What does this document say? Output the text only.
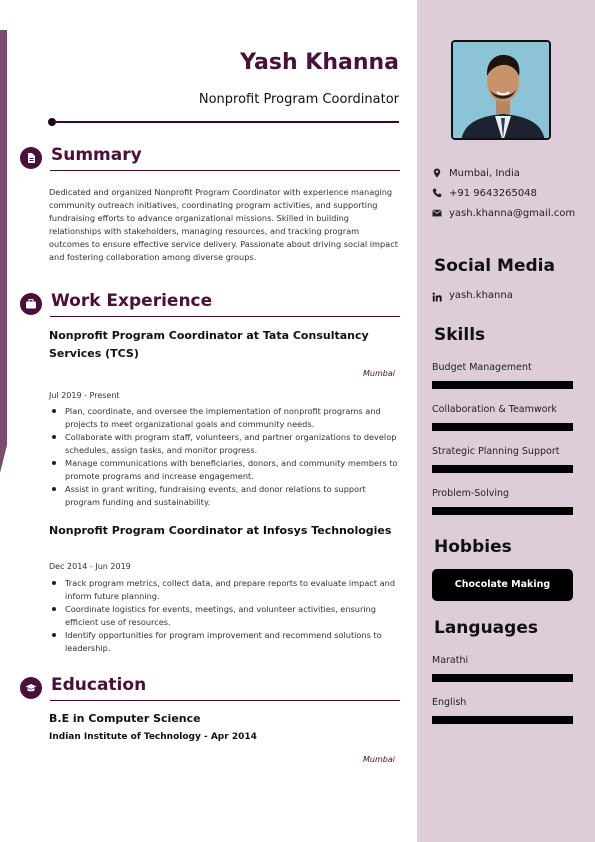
Yash Khanna
Nonprofit Program Coordinator
Summary
Dedicated and organized Nonprofit Program Coordinator with experience managing community outreach initiatives, coordinating program activities, and supporting fundraising efforts to advance organizational missions. Skilled in building relationships with stakeholders, managing resources, and tracking program outcomes to ensure effective service delivery. Passionate about driving social impact and fostering collaboration among diverse groups.
Work Experience
Nonprofit Program Coordinator at Tata Consultancy Services (TCS)
Mumbai
Jul 2019 - Present
Plan, coordinate, and oversee the implementation of nonprofit programs and projects to meet organizational goals and community needs.
Collaborate with program staff, volunteers, and partner organizations to develop schedules, assign tasks, and monitor progress.
Manage communications with beneficiaries, donors, and community members to promote programs and increase engagement.
Assist in grant writing, fundraising events, and donor relations to support program funding and sustainability.
Nonprofit Program Coordinator at Infosys Technologies
Dec 2014 - Jun 2019
Track program metrics, collect data, and prepare reports to evaluate impact and inform future planning.
Coordinate logistics for events, meetings, and volunteer activities, ensuring efficient use of resources.
Identify opportunities for program improvement and recommend solutions to leadership.
Education
B.E in Computer Science
Indian Institute of Technology - Apr 2014
Mumbai
Mumbai, India
+91 9643265048
yash.khanna@gmail.com
Social Media
yash.khanna
Skills
Budget Management
Collaboration & Teamwork
Strategic Planning Support
Problem-Solving
Hobbies
Chocolate Making
Languages
Marathi
English
